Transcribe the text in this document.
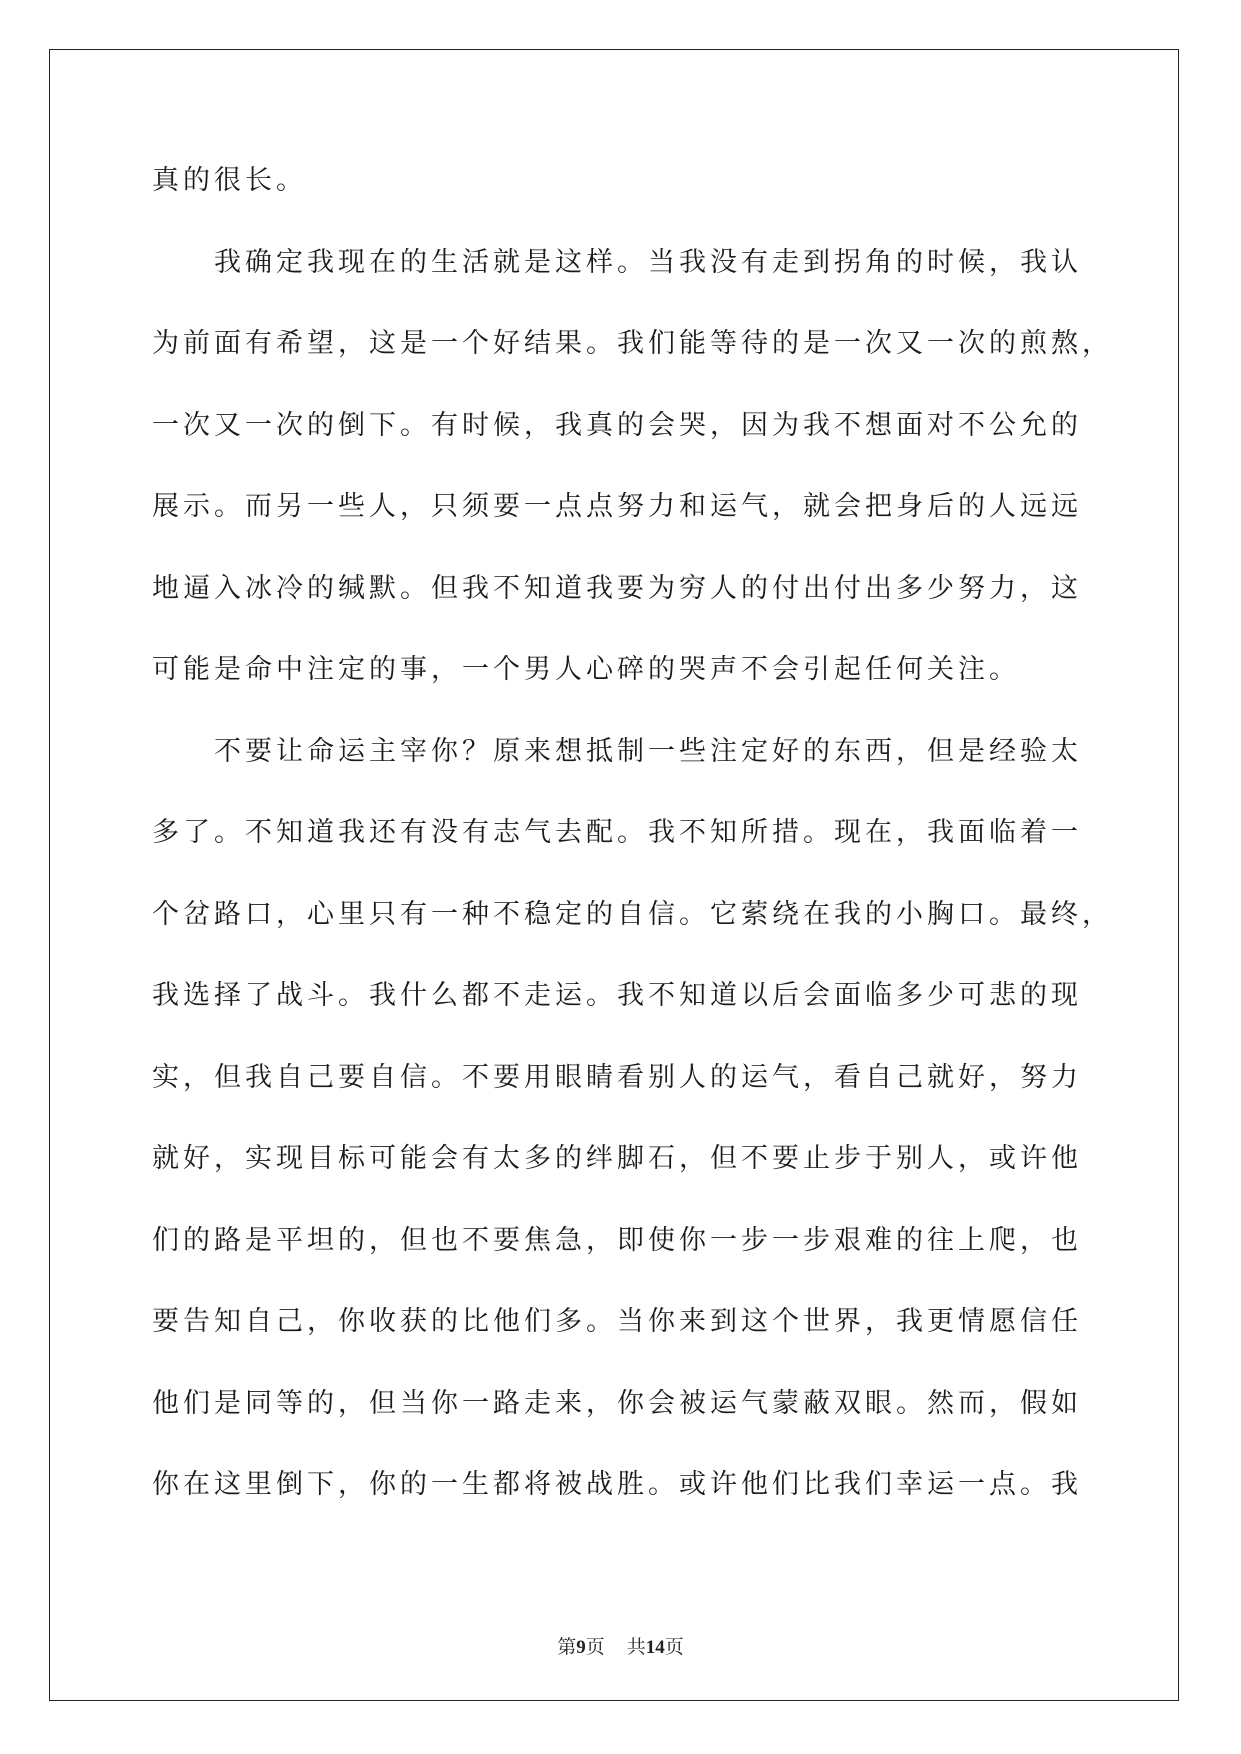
真的很长。
　　我确定我现在的生活就是这样。当我没有走到拐角的时候，我认
为前面有希望，这是一个好结果。我们能等待的是一次又一次的煎熬，
一次又一次的倒下。有时候，我真的会哭，因为我不想面对不公允的
展示。而另一些人，只须要一点点努力和运气，就会把身后的人远远
地逼入冰冷的缄默。但我不知道我要为穷人的付出付出多少努力，这
可能是命中注定的事，一个男人心碎的哭声不会引起任何关注。
　　不要让命运主宰你？原来想抵制一些注定好的东西，但是经验太
多了。不知道我还有没有志气去配。我不知所措。现在，我面临着一
个岔路口，心里只有一种不稳定的自信。它萦绕在我的小胸口。最终，
我选择了战斗。我什么都不走运。我不知道以后会面临多少可悲的现
实，但我自己要自信。不要用眼睛看别人的运气，看自己就好，努力
就好，实现目标可能会有太多的绊脚石，但不要止步于别人，或许他
们的路是平坦的，但也不要焦急，即使你一步一步艰难的往上爬，也
要告知自己，你收获的比他们多。当你来到这个世界，我更情愿信任
他们是同等的，但当你一路走来，你会被运气蒙蔽双眼。然而，假如
你在这里倒下，你的一生都将被战胜。或许他们比我们幸运一点。我
第9页 共14页
